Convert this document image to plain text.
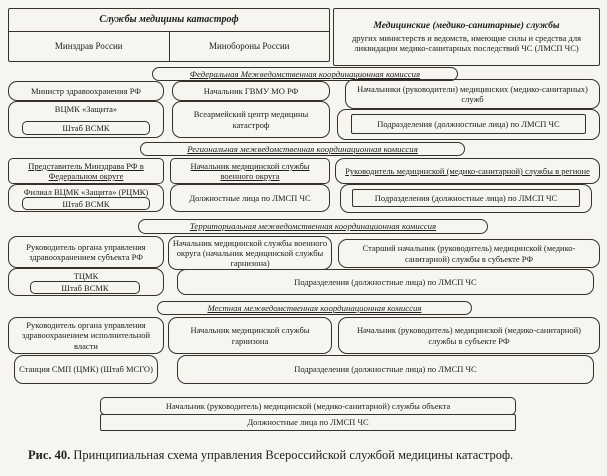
Службы медицины катастроф
Минздрав России	Минобороны России
Медицинские (медико-санитарные) службы
других министерств и ведомств, имеющие силы и средства для ликвидации медико-санитарных последствий ЧС (ЛМСП ЧС)
Федеральная Межведомственная координационная комиссия
Министр здравоохранения РФ	Начальник ГВМУ МО РФ	Начальники (руководители) медицинских (медико-санитарных) служб
ВЦМК «Защита»
Штаб ВСМК
Всеармейский центр медицины катастроф	Подразделения (должностные лица) по ЛМСП ЧС
Региональная межведомственная координационная комиссия
Представитель Минздрава РФ в Федеральном округе
Начальник медицинской службы военного округа
Руководитель медицинской (медико-санитарной) службы в регионе
Филиал ВЦМК «Защита» (РЦМК)
Штаб ВСМК
Должностные лица по ЛМСП ЧС	Подразделения (должностные лица) по ЛМСП ЧС
Территориальная межведомственная координационная комиссия
Руководитель органа управления здравоохранением субъекта РФ
Начальник медицинской службы военного округа (начальник медицинской службы гарнизона)
Старший начальник (руководитель) медицинской (медико-санитарной) службы в субъекте РФ
ТЦМК
Штаб ВСМК
Подразделения (должностные лица) по ЛМСП ЧС
Местная межведомственная координационная комиссия
Руководитель органа управления здравоохранением исполнительной власти
Начальник медицинской службы гарнизона
Начальник (руководитель) медицинской (медико-санитарной) службы в субъекте РФ
Станция СМП (ЦМК) (Штаб МСГО)	Подразделения (должностные лица) по ЛМСП ЧС
Начальник (руководитель) медицинской (медико-санитарной) службы объекта
Должностные лица по ЛМСП ЧС
Рис. 40. Принципиальная схема управления Всероссийской службой медицины катастроф.
